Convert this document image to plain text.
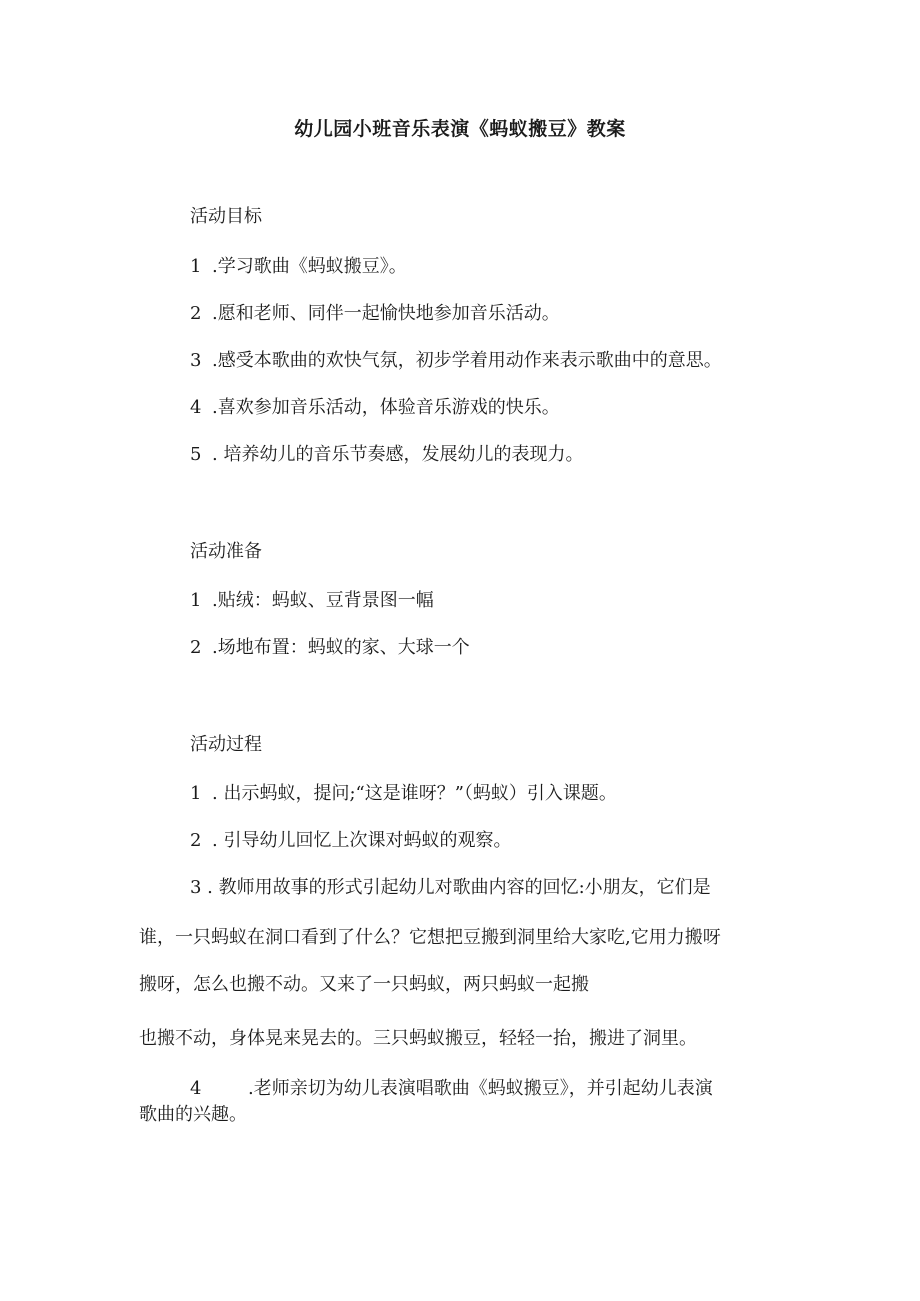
幼儿园小班音乐表演《蚂蚁搬豆》教案
活动目标
1 .学习歌曲《蚂蚁搬豆》。
2 .愿和老师、同伴一起愉快地参加音乐活动。
3 .感受本歌曲的欢快气氛，初步学着用动作来表示歌曲中的意思。
4 .喜欢参加音乐活动，体验音乐游戏的快乐。
5 . 培养幼儿的音乐节奏感，发展幼儿的表现力。
活动准备
1 .贴绒：蚂蚁、豆背景图一幅
2 .场地布置：蚂蚁的家、大球一个
活动过程
1 . 出示蚂蚁，提问;“这是谁呀？”（蚂蚁）引入课题。
2 . 引导幼儿回忆上次课对蚂蚁的观察。
3 . 教师用故事的形式引起幼儿对歌曲内容的回忆:小朋友，它们是
谁，一只蚂蚁在洞口看到了什么？它想把豆搬到洞里给大家吃,它用力搬呀
搬呀，怎么也搬不动。又来了一只蚂蚁，两只蚂蚁一起搬
也搬不动，身体晃来晃去的。三只蚂蚁搬豆，轻轻一抬，搬进了洞里。
4	.老师亲切为幼儿表演唱歌曲《蚂蚁搬豆》，并引起幼儿表演
歌曲的兴趣。
